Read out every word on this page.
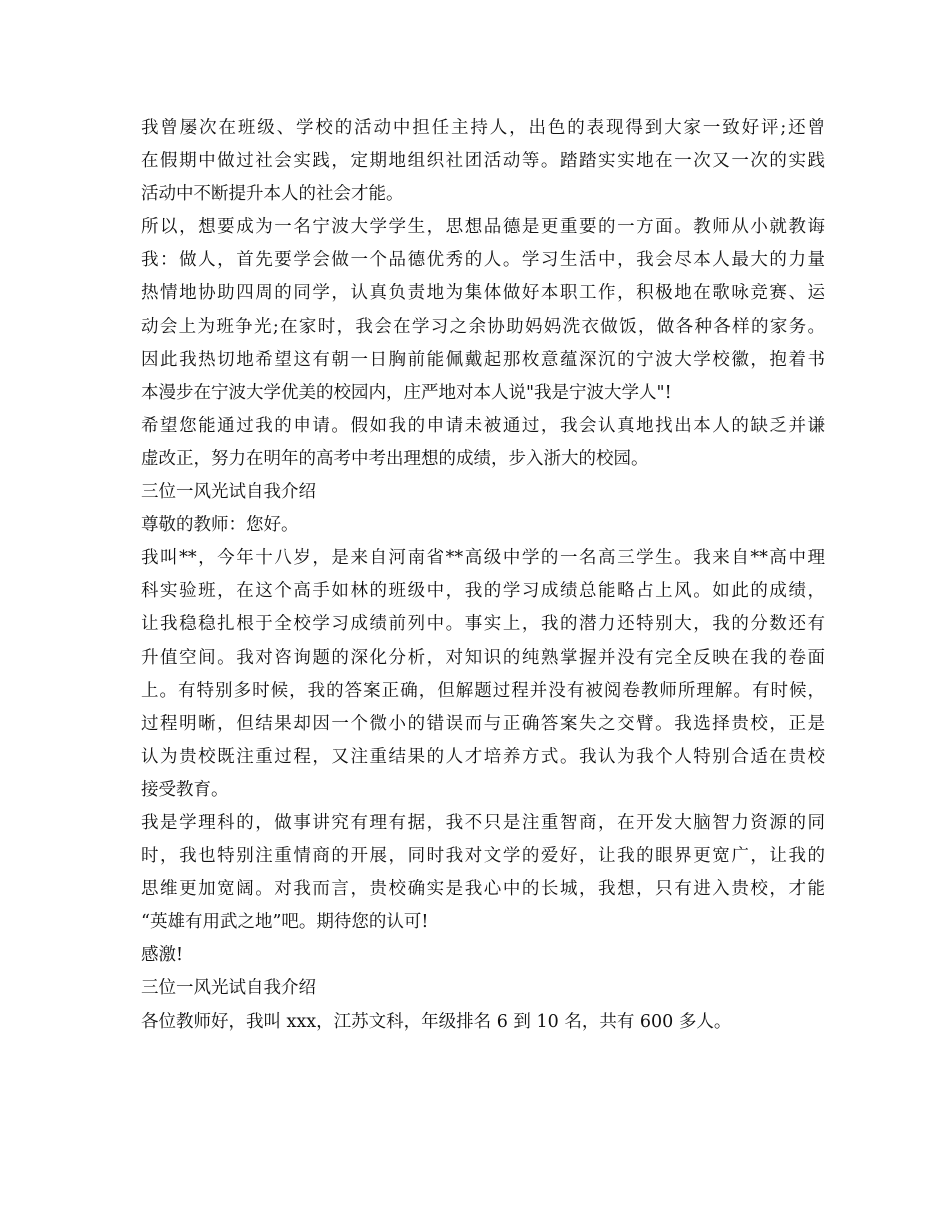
我曾屡次在班级、学校的活动中担任主持人，出色的表现得到大家一致好评;还曾
在假期中做过社会实践，定期地组织社团活动等。踏踏实实地在一次又一次的实践
活动中不断提升本人的社会才能。
所以，想要成为一名宁波大学学生，思想品德是更重要的一方面。教师从小就教诲
我：做人，首先要学会做一个品德优秀的人。学习生活中，我会尽本人最大的力量
热情地协助四周的同学，认真负责地为集体做好本职工作，积极地在歌咏竞赛、运
动会上为班争光;在家时，我会在学习之余协助妈妈洗衣做饭，做各种各样的家务。
因此我热切地希望这有朝一日胸前能佩戴起那枚意蕴深沉的宁波大学校徽，抱着书
本漫步在宁波大学优美的校园内，庄严地对本人说"我是宁波大学人"!
希望您能通过我的申请。假如我的申请未被通过，我会认真地找出本人的缺乏并谦
虚改正，努力在明年的高考中考出理想的成绩，步入浙大的校园。
三位一风光试自我介绍
尊敬的教师：您好。
我叫**，今年十八岁，是来自河南省**高级中学的一名高三学生。我来自**高中理
科实验班，在这个高手如林的班级中，我的学习成绩总能略占上风。如此的成绩，
让我稳稳扎根于全校学习成绩前列中。事实上，我的潜力还特别大，我的分数还有
升值空间。我对咨询题的深化分析，对知识的纯熟掌握并没有完全反映在我的卷面
上。有特别多时候，我的答案正确，但解题过程并没有被阅卷教师所理解。有时候，
过程明晰，但结果却因一个微小的错误而与正确答案失之交臂。我选择贵校，正是
认为贵校既注重过程，又注重结果的人才培养方式。我认为我个人特别合适在贵校
接受教育。
我是学理科的，做事讲究有理有据，我不只是注重智商，在开发大脑智力资源的同
时，我也特别注重情商的开展，同时我对文学的爱好，让我的眼界更宽广，让我的
思维更加宽阔。对我而言，贵校确实是我心中的长城，我想，只有进入贵校，才能
“英雄有用武之地”吧。期待您的认可!
感激!
三位一风光试自我介绍
各位教师好，我叫 xxx，江苏文科，年级排名 6 到 10 名，共有 600 多人。
